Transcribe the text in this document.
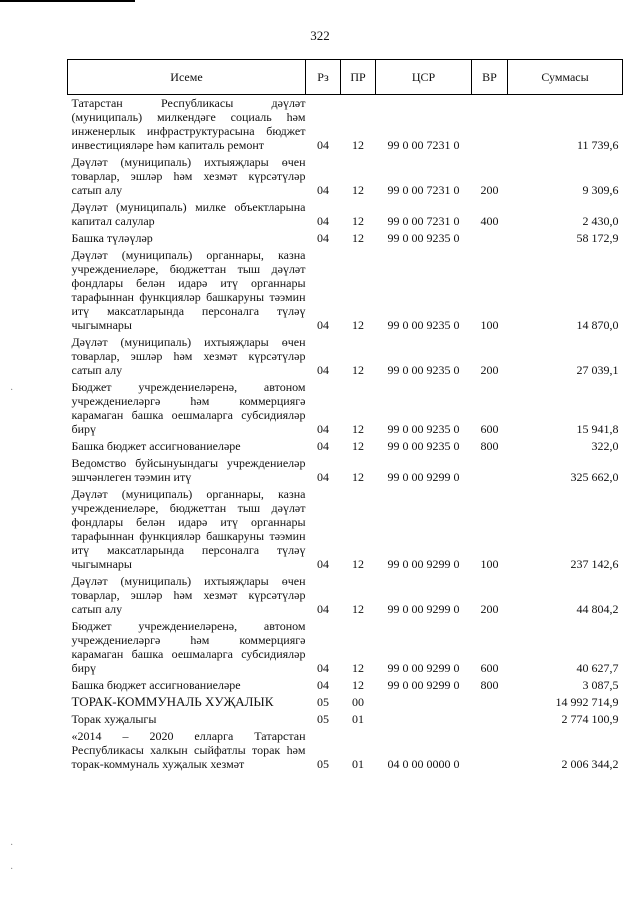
322
Исеме	Рз	ПР	ЦСР	ВР	Суммасы
Татарстан Республикасы дәүләт (муниципаль) милкендәге социаль һәм инженерлык инфраструктурасына бюджет инвестицияләре һәм капиталь ремонт	04	12	99 0 00 7231 0		11 739,6
Дәүләт (муниципаль) ихтыяҗлары өчен товарлар, эшләр һәм хезмәт күрсәтүләр сатып алу	04	12	99 0 00 7231 0	200	9 309,6
Дәүләт (муниципаль) милке объектларына капитал салулар	04	12	99 0 00 7231 0	400	2 430,0
Башка түләүләр	04	12	99 0 00 9235 0		58 172,9
Дәүләт (муниципаль) органнары, казна учреждениеләре, бюджеттан тыш дәүләт фондлары белән идарә итү органнары тарафыннан функцияләр башкаруны тәэмин итү максатларында персоналга түләү чыгымнары	04	12	99 0 00 9235 0	100	14 870,0
Дәүләт (муниципаль) ихтыяҗлары өчен товарлар, эшләр һәм хезмәт күрсәтүләр сатып алу	04	12	99 0 00 9235 0	200	27 039,1
Бюджет учреждениеләренә, автоном учреждениеләргә һәм коммерциягә карамаган башка оешмаларга субсидияләр бирү	04	12	99 0 00 9235 0	600	15 941,8
Башка бюджет ассигнованиеләре	04	12	99 0 00 9235 0	800	322,0
Ведомство буйсынуындагы учреждениеләр эшчәнлеген тәэмин итү	04	12	99 0 00 9299 0		325 662,0
Дәүләт (муниципаль) органнары, казна учреждениеләре, бюджеттан тыш дәүләт фондлары белән идарә итү органнары тарафыннан функцияләр башкаруны тәэмин итү максатларында персоналга түләү чыгымнары	04	12	99 0 00 9299 0	100	237 142,6
Дәүләт (муниципаль) ихтыяҗлары өчен товарлар, эшләр һәм хезмәт күрсәтүләр сатып алу	04	12	99 0 00 9299 0	200	44 804,2
Бюджет учреждениеләренә, автоном учреждениеләргә һәм коммерциягә карамаган башка оешмаларга субсидияләр бирү	04	12	99 0 00 9299 0	600	40 627,7
Башка бюджет ассигнованиеләре	04	12	99 0 00 9299 0	800	3 087,5
ТОРАК-КОММУНАЛЬ ХУҖАЛЫК	05	00			14 992 714,9
Торак хуҗалыгы	05	01			2 774 100,9
«2014 – 2020 елларга Татарстан Республикасы халкын сыйфатлы торак һәм торак-коммуналь хуҗалык хезмәт	05	01	04 0 00 0000 0		2 006 344,2
·
·
·
